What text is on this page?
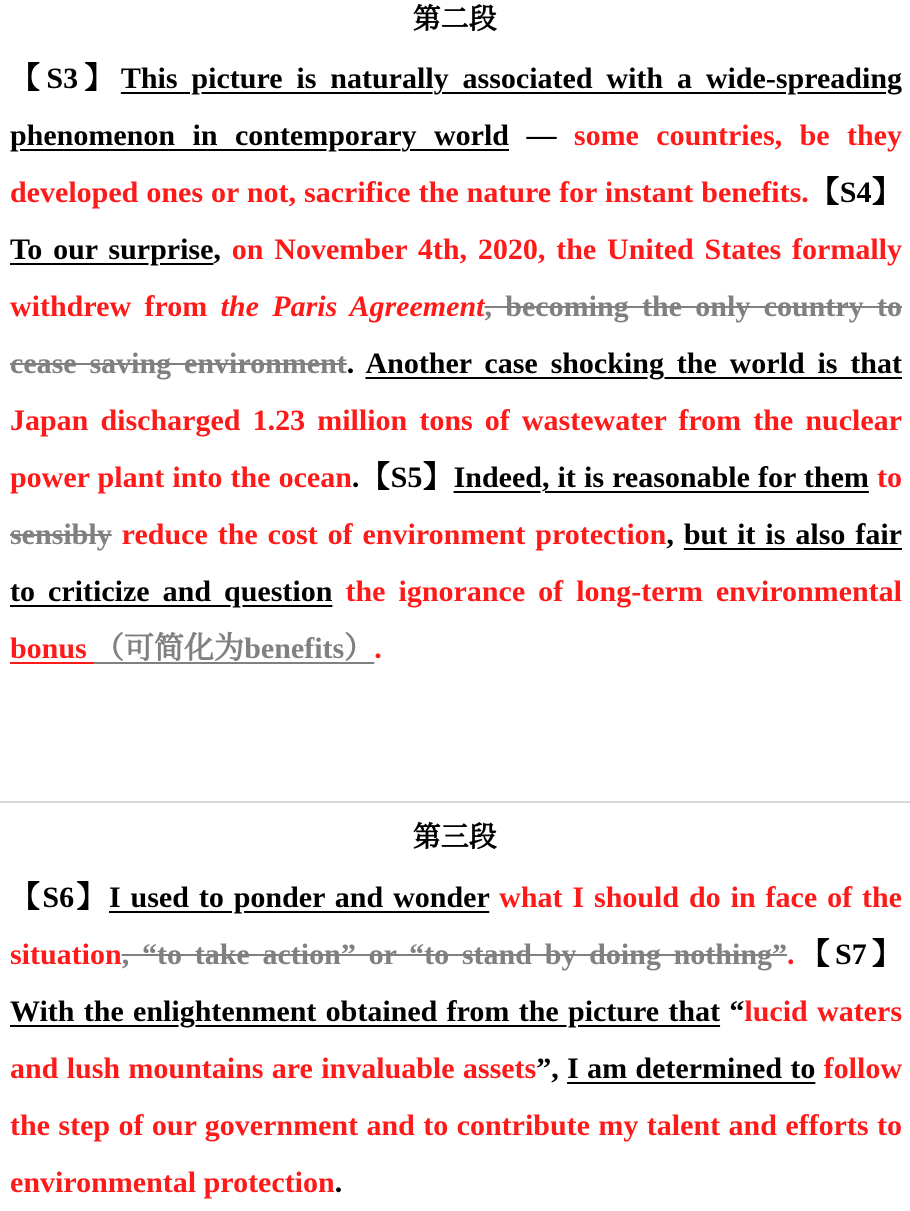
第二段

【S3】This picture is naturally associated with a wide-spreading phenomenon in contemporary world — some countries, be they developed ones or not, sacrifice the nature for instant benefits.【S4】To our surprise, on November 4th, 2020, the United States formally withdrew from the Paris Agreement, becoming the only country to cease saving environment. Another case shocking the world is that Japan discharged 1.23 million tons of wastewater from the nuclear power plant into the ocean.【S5】Indeed, it is reasonable for them to sensibly reduce the cost of environment protection, but it is also fair to criticize and question the ignorance of long-term environmental bonus （可简化为benefits）.

第三段

【S6】I used to ponder and wonder what I should do in face of the situation, “to take action” or “to stand by doing nothing”.【S7】With the enlightenment obtained from the picture that “lucid waters and lush mountains are invaluable assets”, I am determined to follow the step of our government and to contribute my talent and efforts to environmental protection.
